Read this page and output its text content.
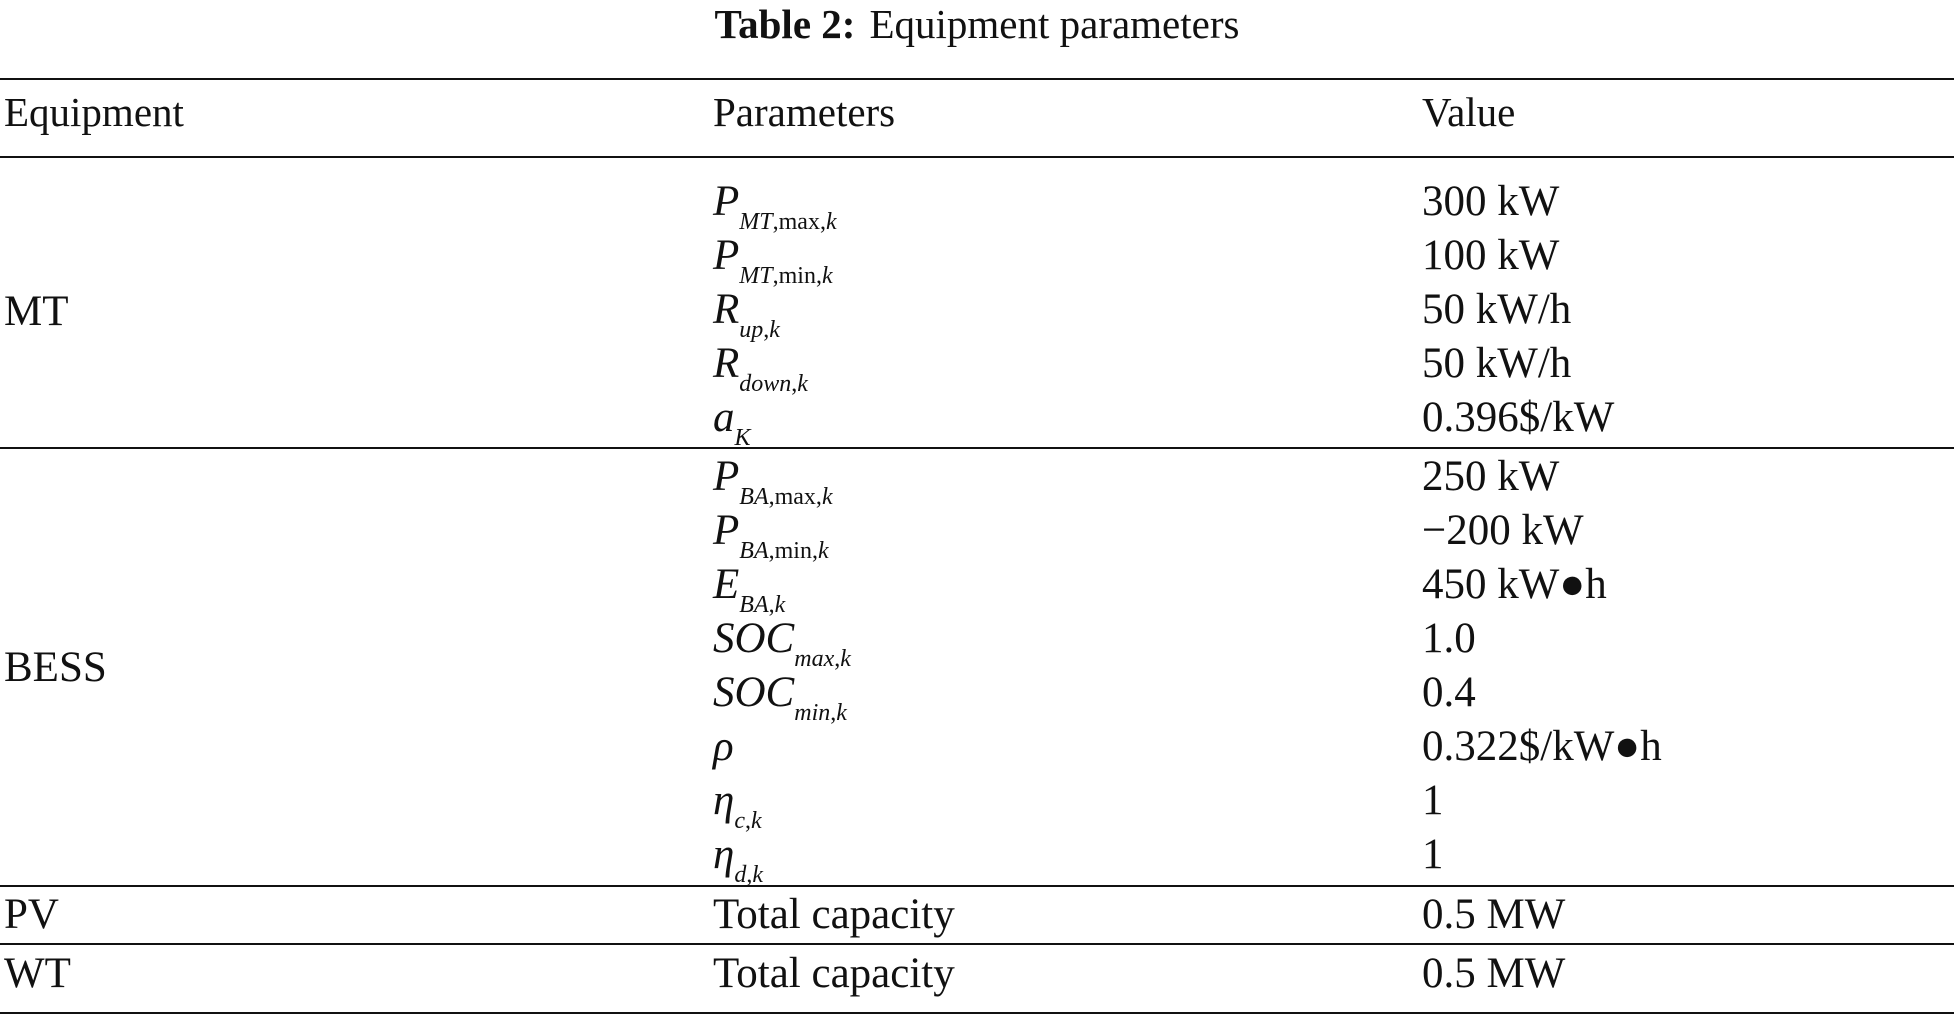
Table 2: Equipment parameters
Equipment	Parameters	Value
MT
$P_{MT,max,k}$	300 kW
$P_{MT,min,k}$	100 kW
$R_{up,k}$	50 kW/h
$R_{down,k}$	50 kW/h
$a_K$	0.396$/kW
BESS
$P_{BA,max,k}$	250 kW
$P_{BA,min,k}$	−200 kW
$E_{BA,k}$	450 kW●h
$SOC_{max,k}$	1.0
$SOC_{min,k}$	0.4
ρ	0.322$/kW●h
$\eta_{c,k}$	1
$\eta_{d,k}$	1
PV	Total capacity	0.5 MW
WT	Total capacity	0.5 MW
